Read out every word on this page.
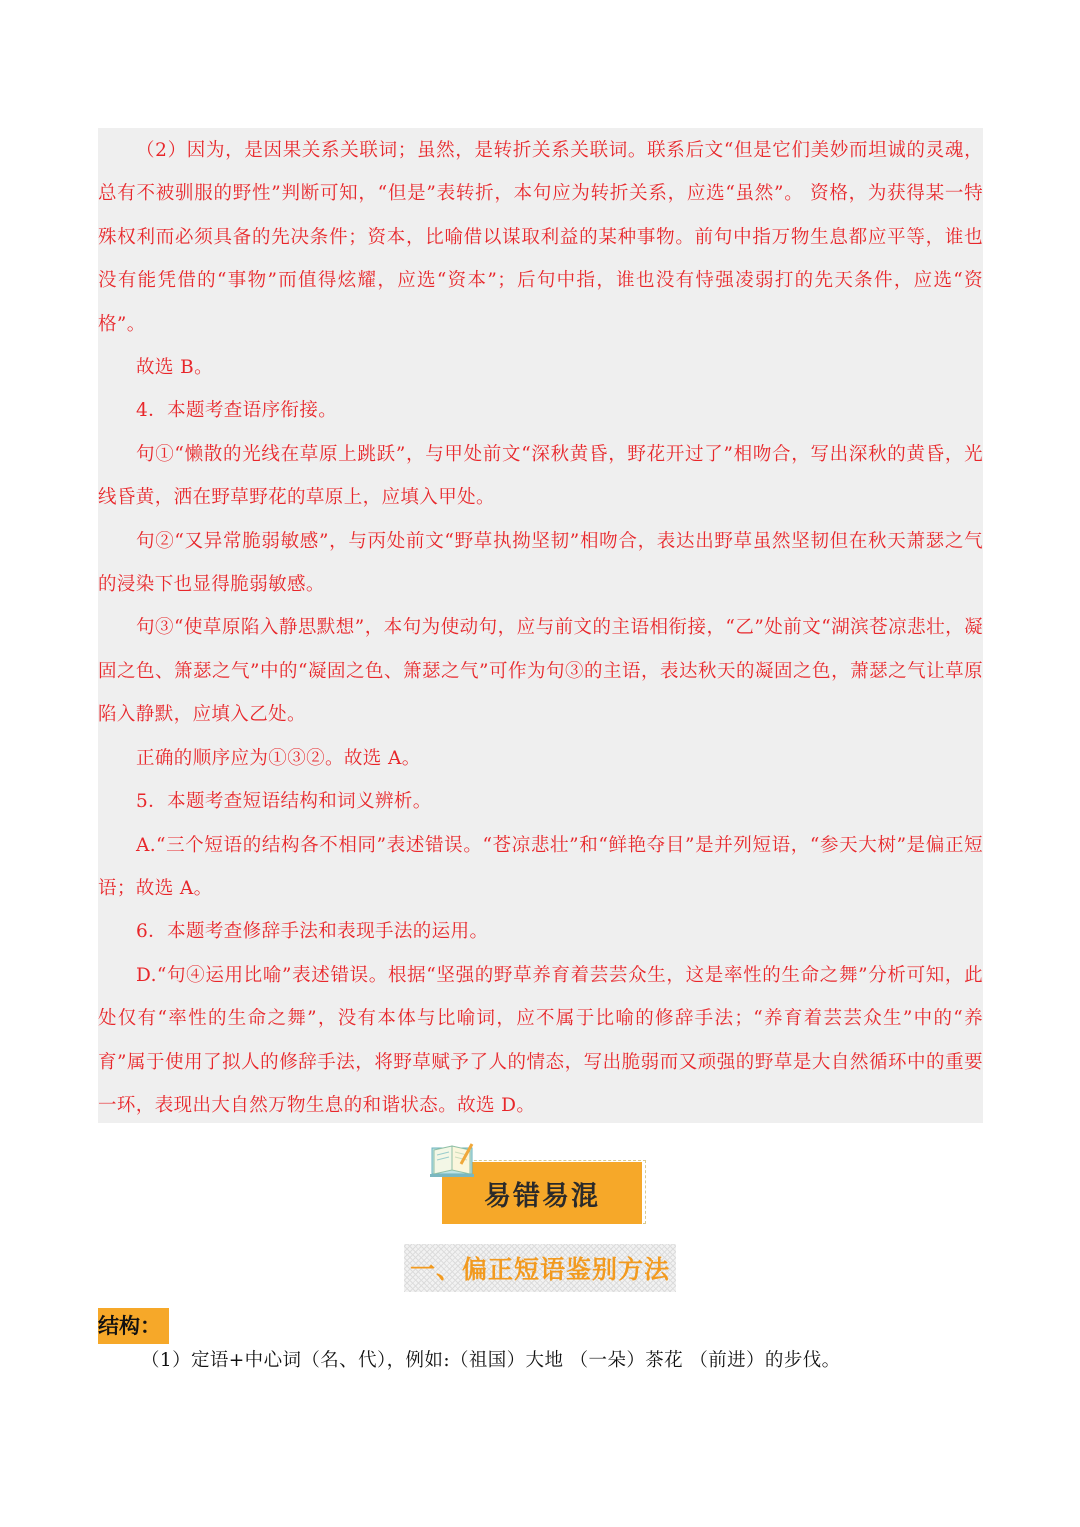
（2）因为，是因果关系关联词；虽然，是转折关系关联词。联系后文“但是它们美妙而坦诚的灵魂，总有不被驯服的野性”判断可知，“但是”表转折，本句应为转折关系，应选“虽然”。 资格，为获得某一特殊权利而必须具备的先决条件；资本，比喻借以谋取利益的某种事物。前句中指万物生息都应平等，谁也没有能凭借的“事物”而值得炫耀，应选“资本”；后句中指，谁也没有恃强凌弱打的先天条件，应选“资格”。

故选 B。

4．本题考查语序衔接。

句①“懒散的光线在草原上跳跃”，与甲处前文“深秋黄昏，野花开过了”相吻合，写出深秋的黄昏，光线昏黄，洒在野草野花的草原上，应填入甲处。

句②“又异常脆弱敏感”，与丙处前文“野草执拗坚韧”相吻合，表达出野草虽然坚韧但在秋天萧瑟之气的浸染下也显得脆弱敏感。

句③“使草原陷入静思默想”，本句为使动句，应与前文的主语相衔接，“乙”处前文“湖滨苍凉悲壮，凝固之色、箫瑟之气”中的“凝固之色、箫瑟之气”可作为句③的主语，表达秋天的凝固之色，萧瑟之气让草原陷入静默，应填入乙处。

正确的顺序应为①③②。故选 A。

5．本题考查短语结构和词义辨析。

A.“三个短语的结构各不相同”表述错误。“苍凉悲壮”和“鲜艳夺目”是并列短语，“参天大树”是偏正短语；故选 A。

6．本题考查修辞手法和表现手法的运用。

D.“句④运用比喻”表述错误。根据“坚强的野草养育着芸芸众生，这是率性的生命之舞”分析可知，此处仅有“率性的生命之舞”，没有本体与比喻词，应不属于比喻的修辞手法；“养育着芸芸众生”中的“养育”属于使用了拟人的修辞手法，将野草赋予了人的情态，写出脆弱而又顽强的野草是大自然循环中的重要一环，表现出大自然万物生息的和谐状态。故选 D。

易错易混
一、偏正短语鉴别方法
结构：

（1）定语+中心词（名、代），例如:（祖国）大地 （一朵）茶花 （前进）的步伐。
